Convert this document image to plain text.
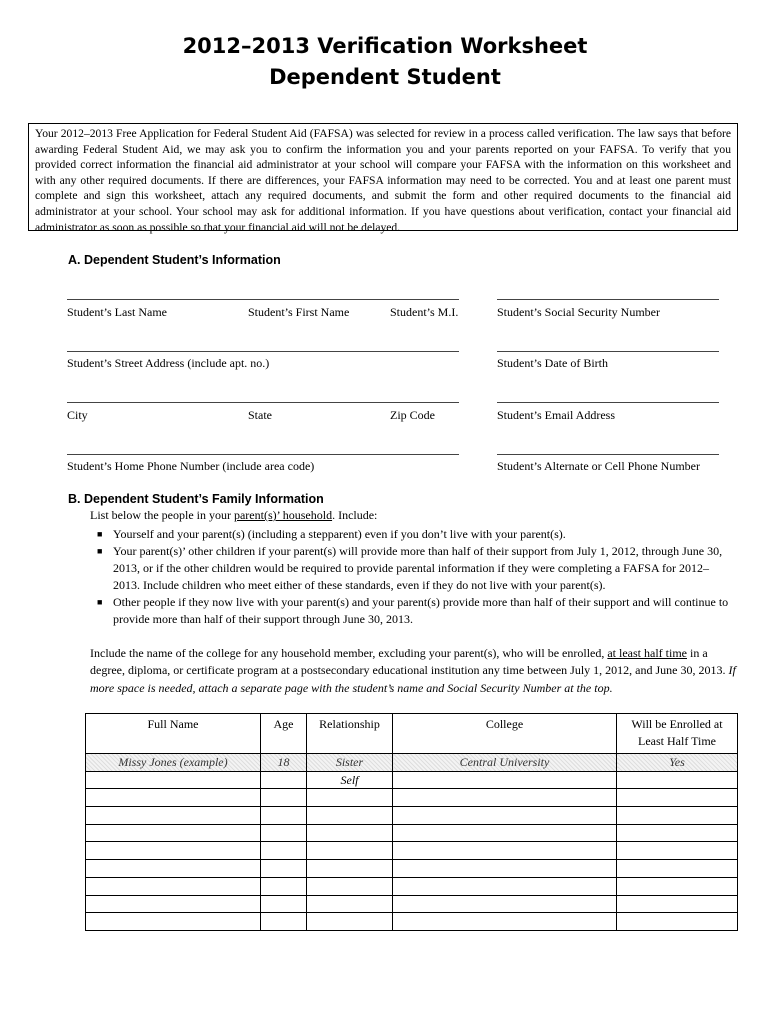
2012–2013 Verification Worksheet
Dependent Student
Your 2012–2013 Free Application for Federal Student Aid (FAFSA) was selected for review in a process called verification. The law says that before awarding Federal Student Aid, we may ask you to confirm the information you and your parents reported on your FAFSA. To verify that you provided correct information the financial aid administrator at your school will compare your FAFSA with the information on this worksheet and with any other required documents. If there are differences, your FAFSA information may need to be corrected. You and at least one parent must complete and sign this worksheet, attach any required documents, and submit the form and other required documents to the financial aid administrator at your school. Your school may ask for additional information. If you have questions about verification, contact your financial aid administrator as soon as possible so that your financial aid will not be delayed.
A. Dependent Student’s Information
Student’s Last Name	Student’s First Name	Student’s M.I.	Student’s Social Security Number
Student’s Street Address (include apt. no.)	Student’s Date of Birth
City	State	Zip Code	Student’s Email Address
Student’s Home Phone Number (include area code)	Student’s Alternate or Cell Phone Number
B. Dependent Student’s Family Information
List below the people in your parent(s)’ household. Include:
■ Yourself and your parent(s) (including a stepparent) even if you don’t live with your parent(s).
■ Your parent(s)’ other children if your parent(s) will provide more than half of their support from July 1, 2012, through June 30, 2013, or if the other children would be required to provide parental information if they were completing a FAFSA for 2012–2013. Include children who meet either of these standards, even if they do not live with your parent(s).
■ Other people if they now live with your parent(s) and your parent(s) provide more than half of their support and will continue to provide more than half of their support through June 30, 2013.
Include the name of the college for any household member, excluding your parent(s), who will be enrolled, at least half time in a degree, diploma, or certificate program at a postsecondary educational institution any time between July 1, 2012, and June 30, 2013. If more space is needed, attach a separate page with the student’s name and Social Security Number at the top.
Full Name	Age	Relationship	College	Will be Enrolled at Least Half Time
Missy Jones (example)	18	Sister	Central University	Yes
		Self		
